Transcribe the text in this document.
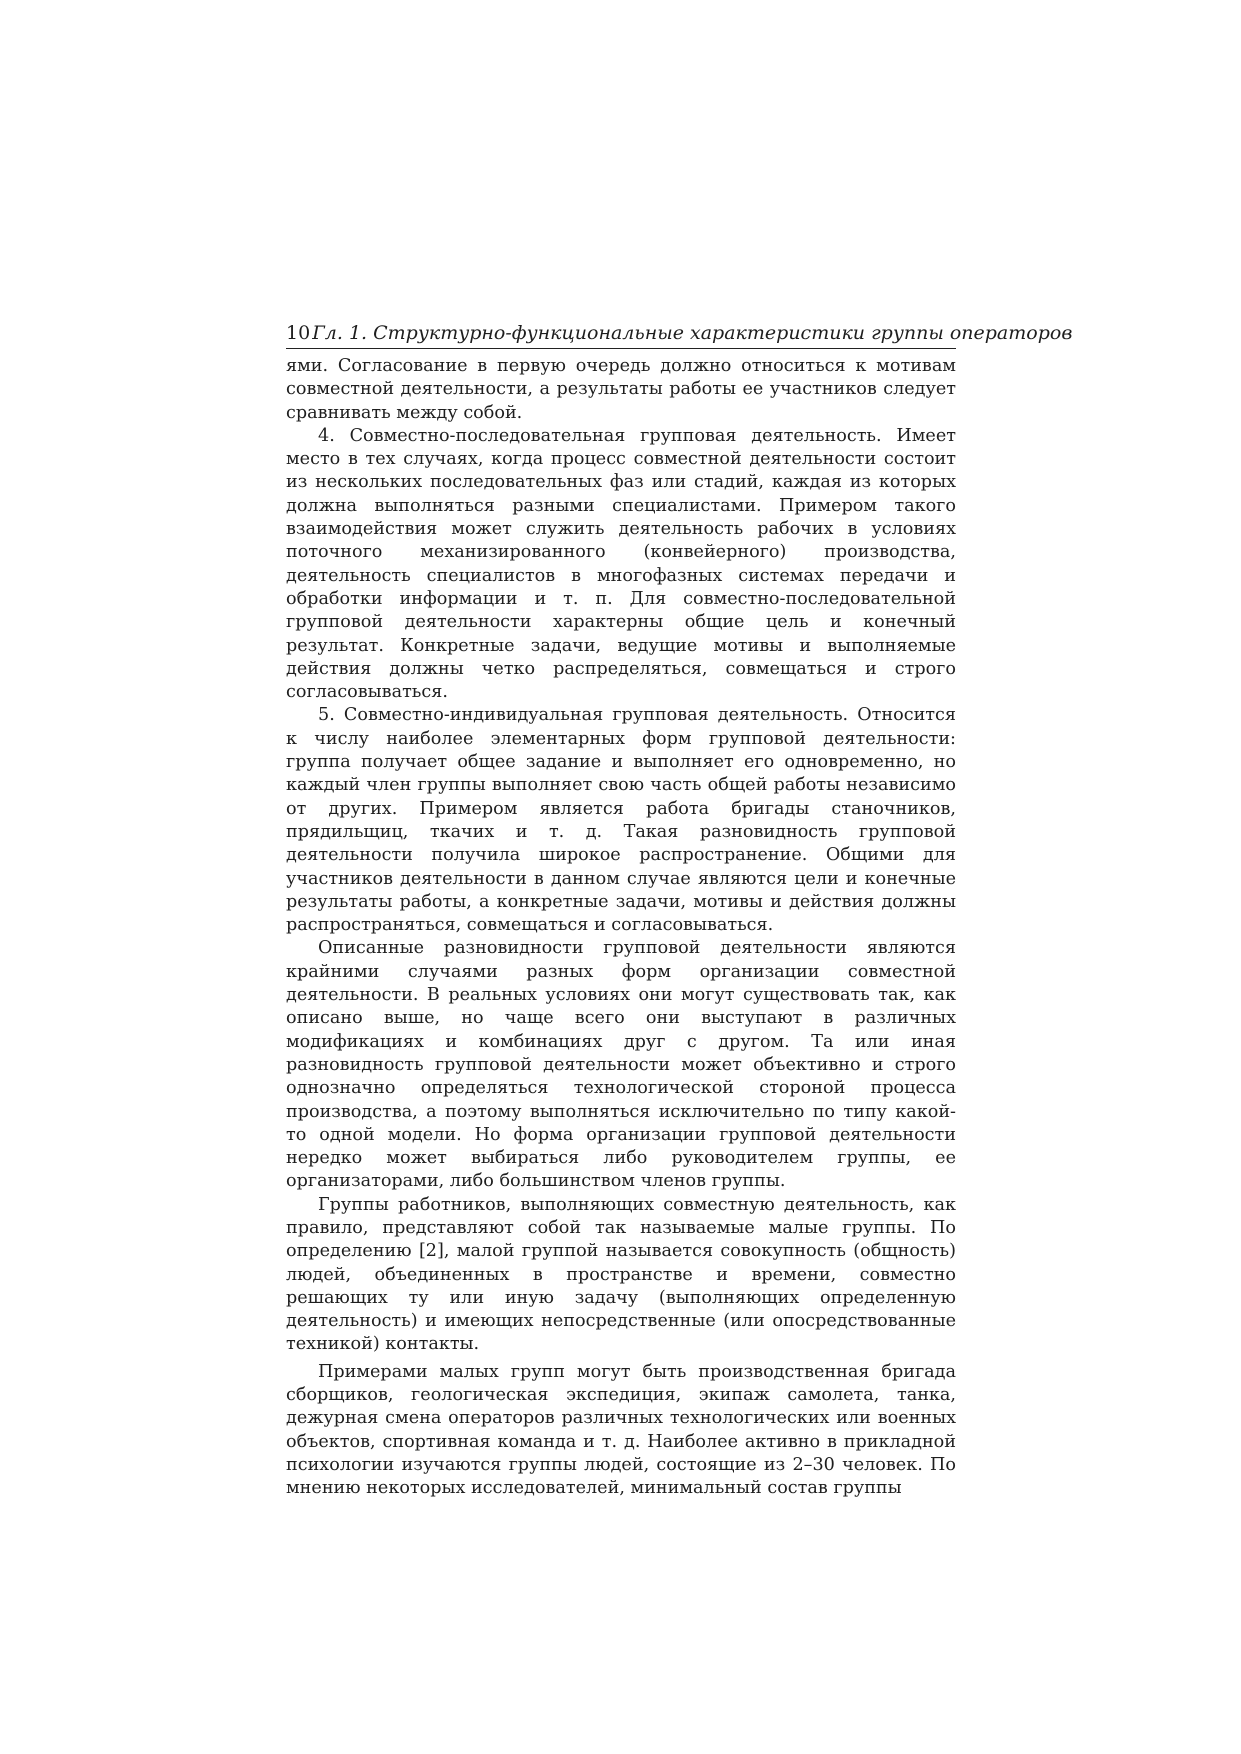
10 Гл. 1. Структурно-функциональные характеристики группы операторов

ями. Согласование в первую очередь должно относиться к мотивам совместной деятельности, а результаты работы ее участников следует сравнивать между собой.

4. Совместно-последовательная групповая деятельность. Имеет место в тех случаях, когда процесс совместной деятельности состоит из нескольких последовательных фаз или стадий, каждая из которых должна выполняться разными специалистами. Примером такого взаимодействия может служить деятельность рабочих в условиях поточного механизированного (конвейерного) производства, деятельность специалистов в многофазных системах передачи и обработки информации и т. п. Для совместно-последовательной групповой деятельности характерны общие цель и конечный результат. Конкретные задачи, ведущие мотивы и выполняемые действия должны четко распределяться, совмещаться и строго согласовываться.

5. Совместно-индивидуальная групповая деятельность. Относится к числу наиболее элементарных форм групповой деятельности: группа получает общее задание и выполняет его одновременно, но каждый член группы выполняет свою часть общей работы независимо от других. Примером является работа бригады станочников, прядильщиц, ткачих и т. д. Такая разновидность групповой деятельности получила широкое распространение. Общими для участников деятельности в данном случае являются цели и конечные результаты работы, а конкретные задачи, мотивы и действия должны распространяться, совмещаться и согласовываться.

Описанные разновидности групповой деятельности являются крайними случаями разных форм организации совместной деятельности. В реальных условиях они могут существовать так, как описано выше, но чаще всего они выступают в различных модификациях и комбинациях друг с другом. Та или иная разновидность групповой деятельности может объективно и строго однозначно определяться технологической стороной процесса производства, а поэтому выполняться исключительно по типу какой-то одной модели. Но форма организации групповой деятельности нередко может выбираться либо руководителем группы, ее организаторами, либо большинством членов группы.

Группы работников, выполняющих совместную деятельность, как правило, представляют собой так называемые малые группы. По определению [2], малой группой называется совокупность (общность) людей, объединенных в пространстве и времени, совместно решающих ту или иную задачу (выполняющих определенную деятельность) и имеющих непосредственные (или опосредствованные техникой) контакты.

Примерами малых групп могут быть производственная бригада сборщиков, геологическая экспедиция, экипаж самолета, танка, дежурная смена операторов различных технологических или военных объектов, спортивная команда и т. д. Наиболее активно в прикладной психологии изучаются группы людей, состоящие из 2–30 человек. По мнению некоторых исследователей, минимальный состав группы
